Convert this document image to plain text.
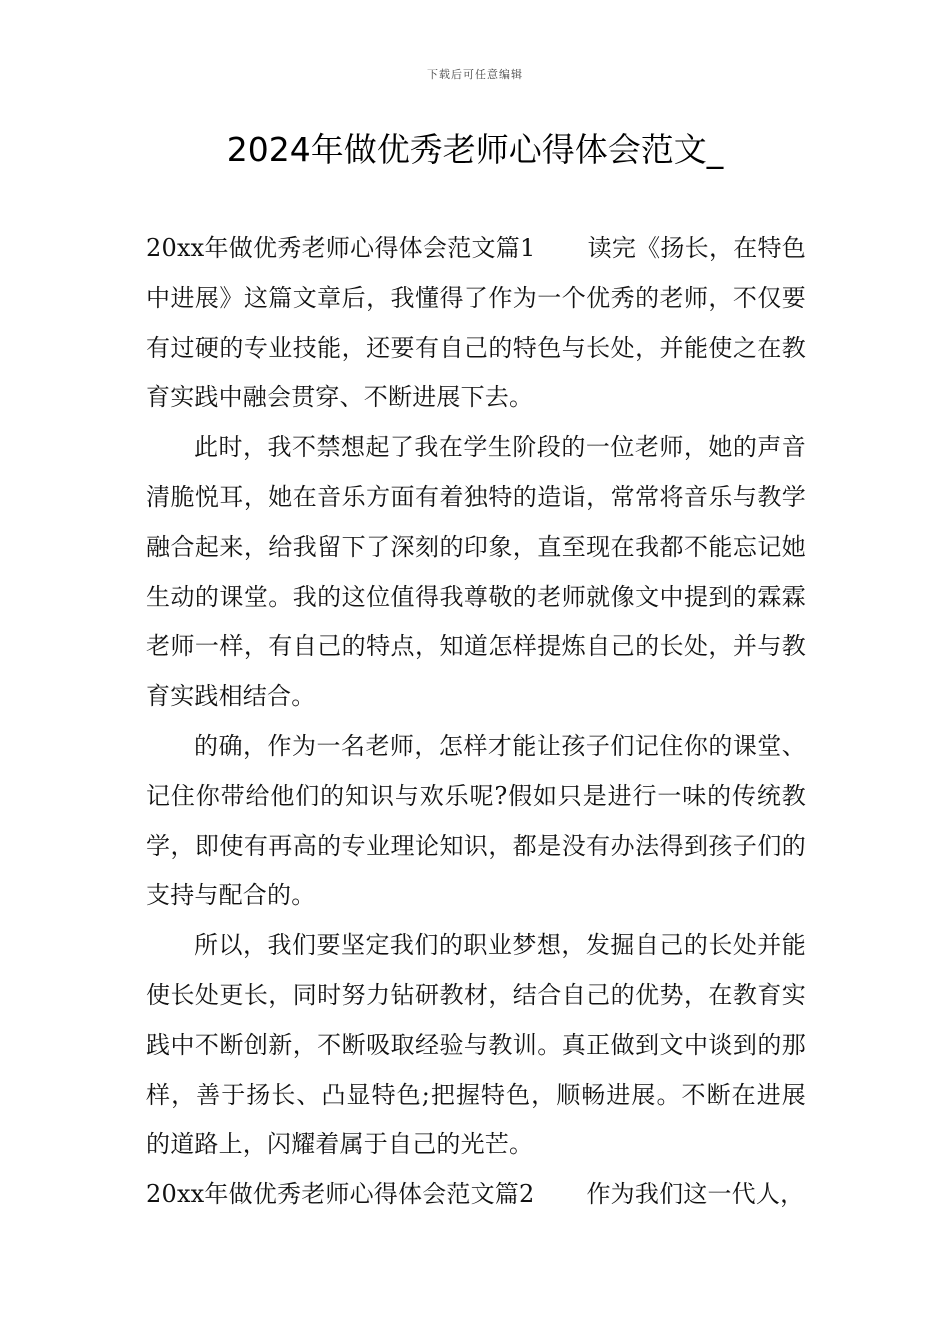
下载后可任意编辑
2024年做优秀老师心得体会范文_

20xx年做优秀老师心得体会范文篇1 读完《扬长，在特色中进展》这篇文章后，我懂得了作为一个优秀的老师，不仅要有过硬的专业技能，还要有自己的特色与长处，并能使之在教育实践中融会贯穿、不断进展下去。

此时，我不禁想起了我在学生阶段的一位老师，她的声音清脆悦耳，她在音乐方面有着独特的造诣，常常将音乐与教学融合起来，给我留下了深刻的印象，直至现在我都不能忘记她生动的课堂。我的这位值得我尊敬的老师就像文中提到的霖霖老师一样，有自己的特点，知道怎样提炼自己的长处，并与教育实践相结合。

的确，作为一名老师，怎样才能让孩子们记住你的课堂、记住你带给他们的知识与欢乐呢?假如只是进行一味的传统教学，即使有再高的专业理论知识，都是没有办法得到孩子们的支持与配合的。

所以，我们要坚定我们的职业梦想，发掘自己的长处并能使长处更长，同时努力钻研教材，结合自己的优势，在教育实践中不断创新，不断吸取经验与教训。真正做到文中谈到的那样，善于扬长、凸显特色;把握特色，顺畅进展。不断在进展的道路上，闪耀着属于自己的光芒。

20xx年做优秀老师心得体会范文篇2 作为我们这一代人，
